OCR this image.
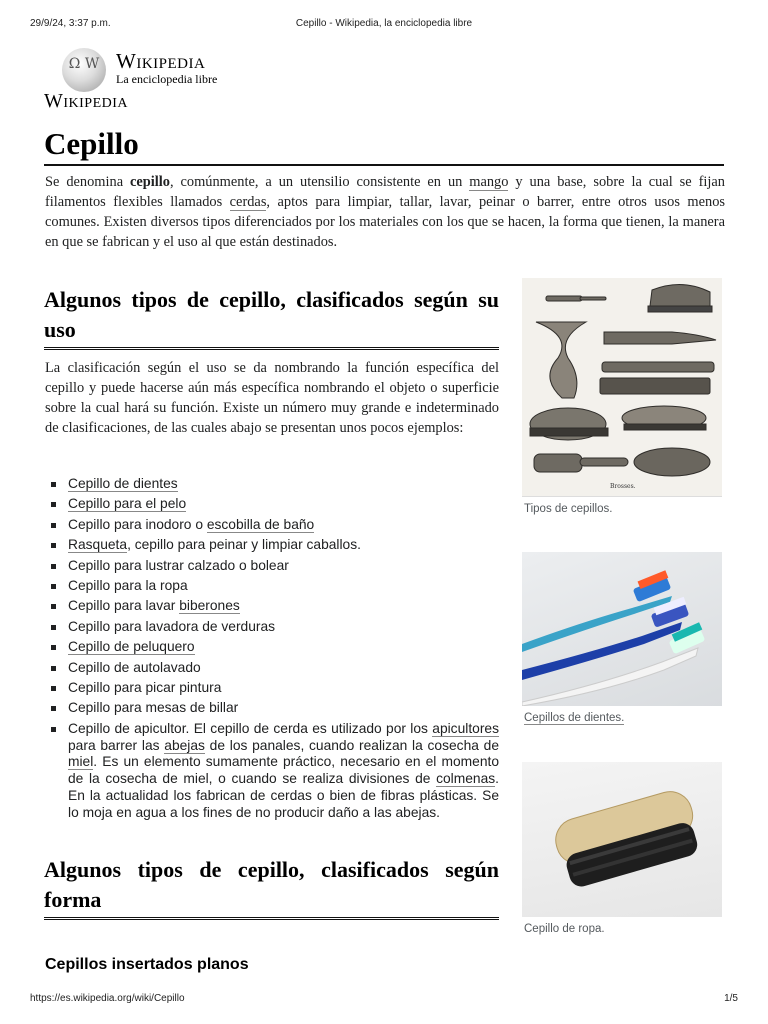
29/9/24, 3:37 p.m.	Cepillo - Wikipedia, la enciclopedia libre
Ω W Wikipedia
La enciclopedia libre
Wikipedia
Cepillo

Se denomina cepillo, comúnmente, a un utensilio consistente en un mango y una base, sobre la cual se fijan filamentos flexibles llamados cerdas, aptos para limpiar, tallar, lavar, peinar o barrer, entre otros usos menos comunes. Existen diversos tipos diferenciados por los materiales con los que se hacen, la forma que tienen, la manera en que se fabrican y el uso al que están destinados.

Algunos tipos de cepillo, clasificados según su uso

La clasificación según el uso se da nombrando la función específica del cepillo y puede hacerse aún más específica nombrando el objeto o superficie sobre la cual hará su función. Existe un número muy grande e indeterminado de clasificaciones, de las cuales abajo se presentan unos pocos ejemplos:

Cepillo de dientes
Cepillo para el pelo
Cepillo para inodoro o escobilla de baño
Rasqueta, cepillo para peinar y limpiar caballos.
Cepillo para lustrar calzado o bolear
Cepillo para la ropa
Cepillo para lavar biberones
Cepillo para lavadora de verduras
Cepillo de peluquero
Cepillo de autolavado
Cepillo para picar pintura
Cepillo para mesas de billar
Cepillo de apicultor. El cepillo de cerda es utilizado por los apicultores para barrer las abejas de los panales, cuando realizan la cosecha de miel. Es un elemento sumamente práctico, necesario en el momento de la cosecha de miel, o cuando se realiza divisiones de colmenas. En la actualidad los fabrican de cerdas o bien de fibras plásticas. Se lo moja en agua a los fines de no producir daño a las abejas.
Algunos tipos de cepillo, clasificados según forma
Cepillos insertados planos
Brosses.
Tipos de cepillos.
Cepillos de dientes.
Cepillo de ropa.
https://es.wikipedia.org/wiki/Cepillo	1/5
